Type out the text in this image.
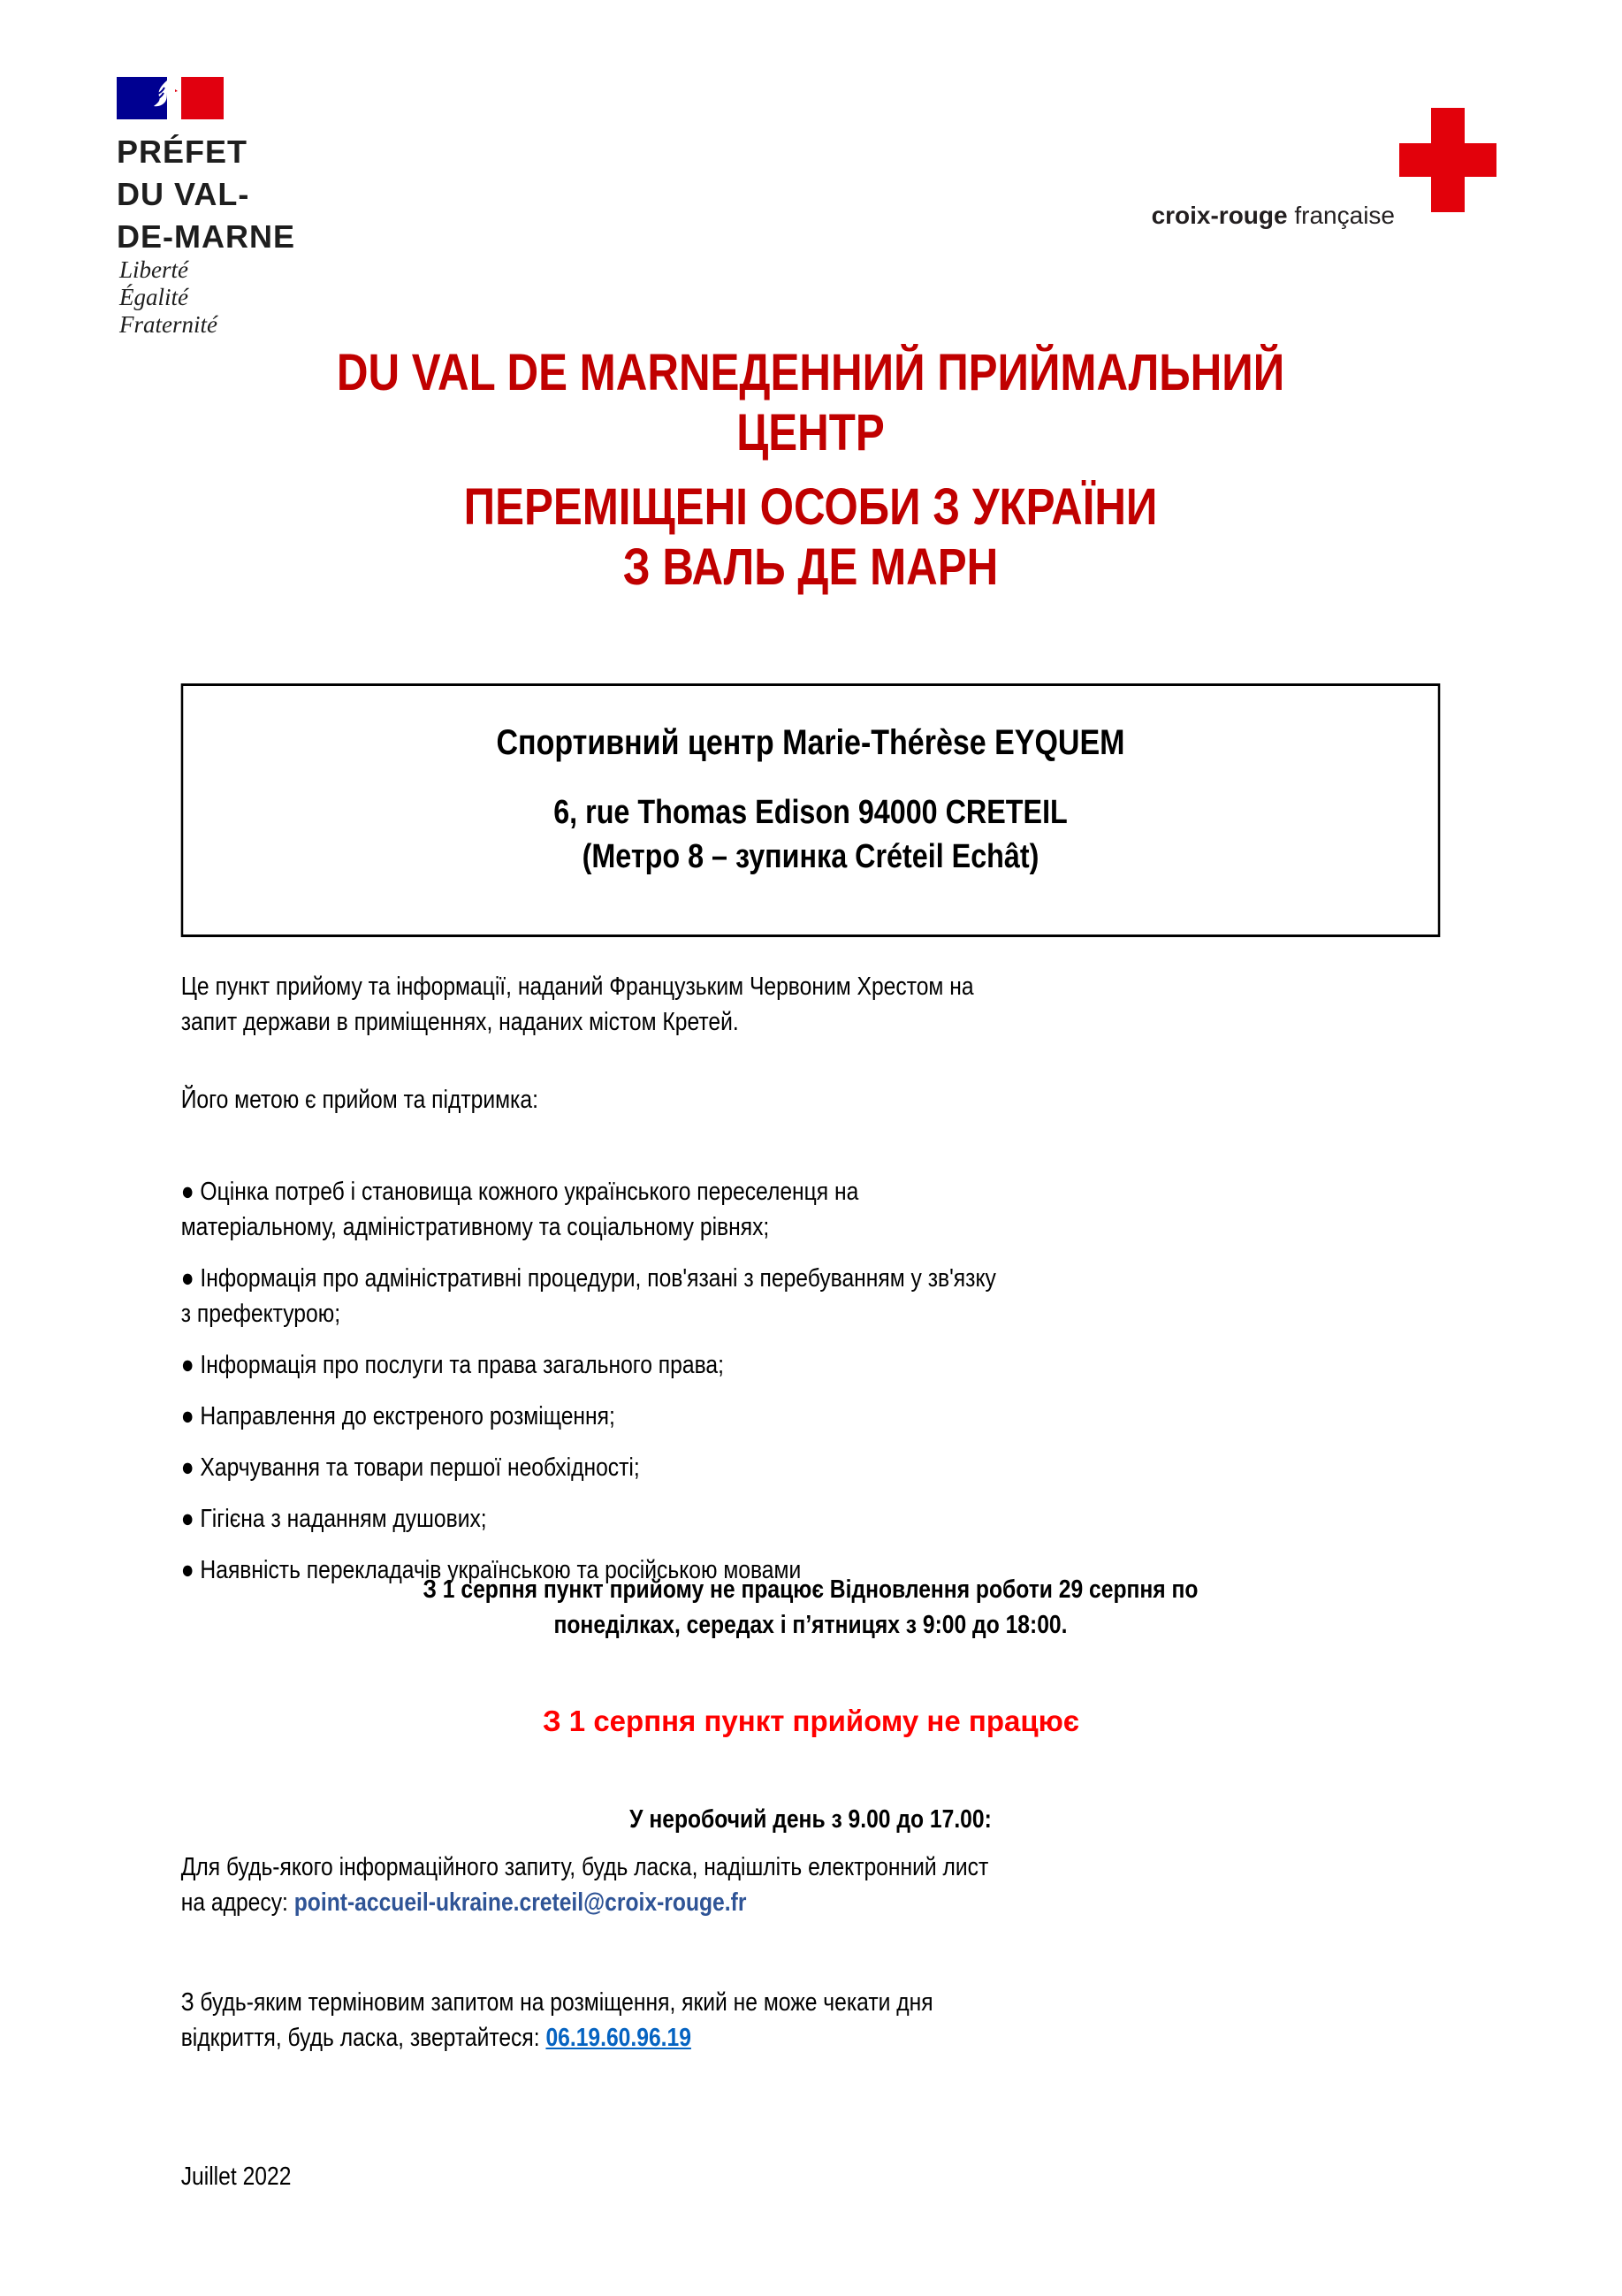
PRÉFET
DU VAL-
DE-MARNE
Liberté
Égalité
Fraternité
croix-rouge française
DU VAL DE MARNEДЕННИЙ ПРИЙМАЛЬНИЙ
ЦЕНТР
ПЕРЕМІЩЕНІ ОСОБИ З УКРАЇНИ
З ВАЛЬ ДЕ МАРН
Спортивний центр Marie-Thérèse EYQUEM
6, rue Thomas Edison 94000 CRETEIL
(Метро 8 – зупинка Créteil Echât)
Це пункт прийому та інформації, наданий Французьким Червоним Хрестом на
запит держави в приміщеннях, наданих містом Кретей.
Його метою є прийом та підтримка:

● Оцінка потреб і становища кожного українського переселенця на
матеріальному, адміністративному та соціальному рівнях;

● Інформація про адміністративні процедури, пов'язані з перебуванням у зв'язку
з префектурою;

● Інформація про послуги та права загального права;

● Направлення до екстреного розміщення;

● Харчування та товари першої необхідності;

● Гігієна з наданням душових;

● Наявність перекладачів українською та російською мовами

З 1 серпня пункт прийому не працює Відновлення роботи 29 серпня по
понеділках, середах і п’ятницях з 9:00 до 18:00.
У неробочий день з 9.00 до 17.00:
Для будь-якого інформаційного запиту, будь ласка, надішліть електронний лист
на адресу: point-accueil-ukraine.creteil@croix-rouge.fr
З будь-яким терміновим запитом на розміщення, який не може чекати дня
відкриття, будь ласка, звертайтеся: 06.19.60.96.19
Juillet 2022
З 1 серпня пункт прийому не працює
